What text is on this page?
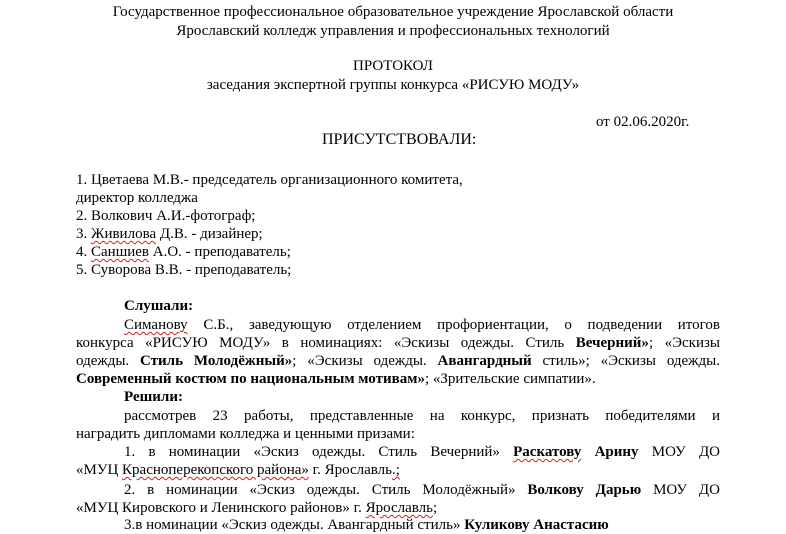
Государственное профессиональное образовательное учреждение Ярославской области
Ярославский колледж управления и профессиональных технологий
ПРОТОКОЛ
заседания экспертной группы конкурса «РИСУЮ МОДУ»
от 02.06.2020г.
ПРИСУТСТВОВАЛИ:
1. Цветаева М.В.- председатель организационного комитета,
директор колледжа
2. Волкович А.И.-фотограф;
3. Живилова Д.В. - дизайнер;
4. Саншиев А.О. - преподаватель;
5. Суворова В.В. - преподаватель;
Слушали:
Симанову С.Б., заведующую отделением профориентации, о подведении итогов
конкурса «РИСУЮ МОДУ» в номинациях: «Эскизы одежды. Стиль Вечерний»; «Эскизы
одежды. Стиль Молодёжный»; «Эскизы одежды. Авангардный стиль»; «Эскизы одежды.
Современный костюм по национальным мотивам»; «Зрительские симпатии».
Решили:
рассмотрев 23 работы, представленные на конкурс, признать победителями и
наградить дипломами колледжа и ценными призами:
1. в номинации «Эскиз одежды. Стиль Вечерний» Раскатову Арину МОУ ДО
«МУЦ Краснoперекопского района» г. Ярославль.;
2. в номинации «Эскиз одежды. Стиль Молодёжный» Волкову Дарью МОУ ДО
«МУЦ Кировского и Ленинского районов» г. Ярославль;
3.в номинации «Эскиз одежды. Авангардный стиль» Куликову Анастасию
